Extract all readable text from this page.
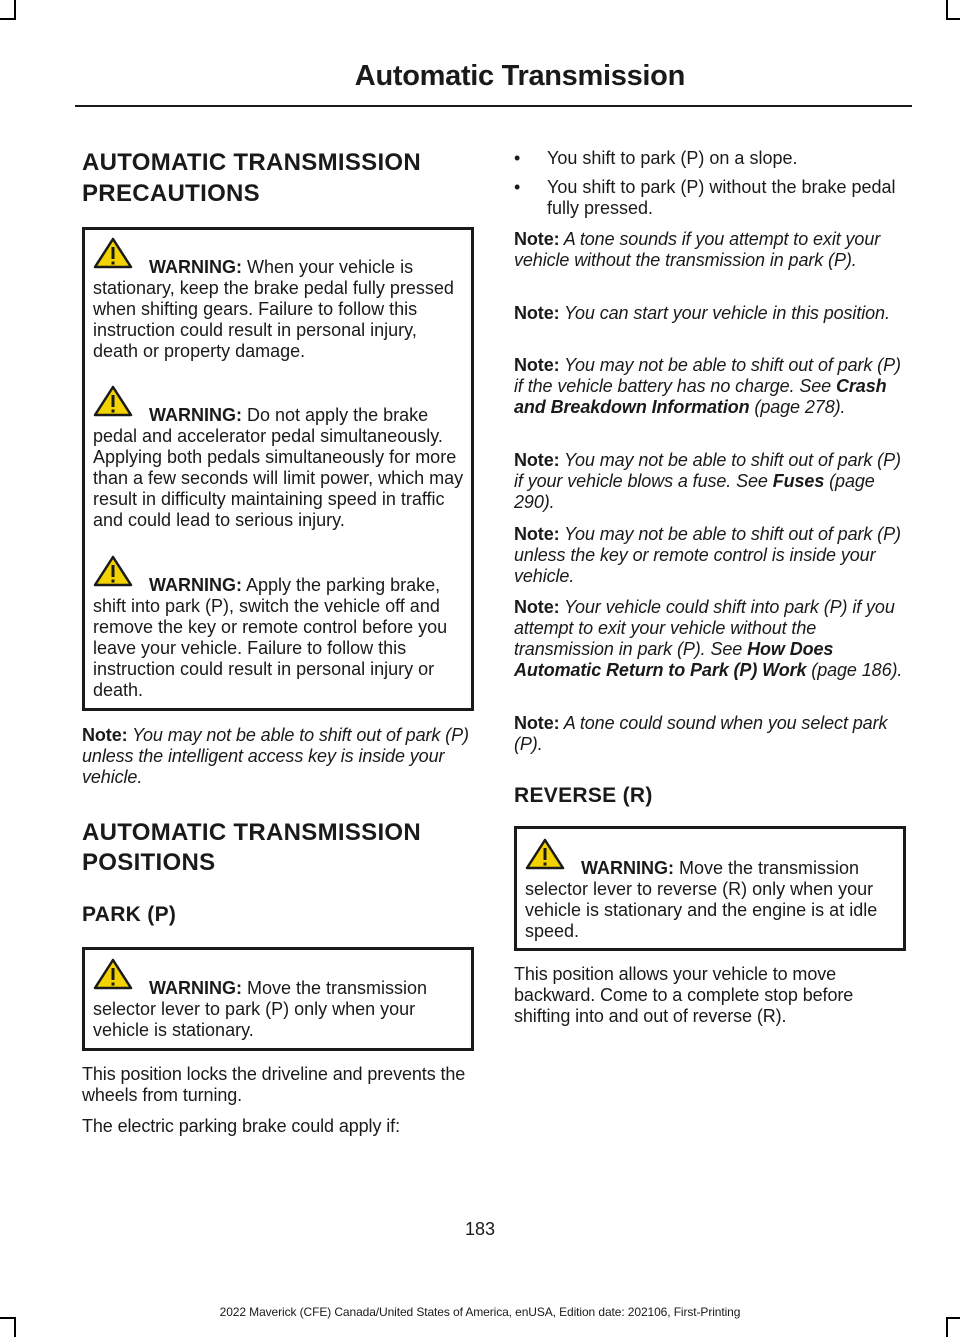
Automatic Transmission
AUTOMATIC TRANSMISSION
PRECAUTIONS
WARNING: When your vehicle is stationary, keep the brake pedal fully pressed when shifting gears. Failure to follow this instruction could result in personal injury, death or property damage.
WARNING: Do not apply the brake pedal and accelerator pedal simultaneously. Applying both pedals simultaneously for more than a few seconds will limit power, which may result in difficulty maintaining speed in traffic and could lead to serious injury.
WARNING: Apply the parking brake, shift into park (P), switch the vehicle off and remove the key or remote control before you leave your vehicle. Failure to follow this instruction could result in personal injury or death.

Note: You may not be able to shift out of park (P) unless the intelligent access key is inside your vehicle.

AUTOMATIC TRANSMISSION
POSITIONS
PARK (P)
WARNING: Move the transmission selector lever to park (P) only when your vehicle is stationary.

This position locks the driveline and prevents the wheels from turning.

The electric parking brake could apply if:

• You shift to park (P) on a slope.
• You shift to park (P) without the brake pedal fully pressed.

Note: A tone sounds if you attempt to exit your vehicle without the transmission in park (P).

Note: You can start your vehicle in this position.

Note: You may not be able to shift out of park (P) if the vehicle battery has no charge. See Crash and Breakdown Information (page 278).

Note: You may not be able to shift out of park (P) if your vehicle blows a fuse. See Fuses (page 290).

Note: You may not be able to shift out of park (P) unless the key or remote control is inside your vehicle.

Note: Your vehicle could shift into park (P) if you attempt to exit your vehicle without the transmission in park (P). See How Does Automatic Return to Park (P) Work (page 186).

Note: A tone could sound when you select park (P).

REVERSE (R)
WARNING: Move the transmission selector lever to reverse (R) only when your vehicle is stationary and the engine is at idle speed.

This position allows your vehicle to move backward. Come to a complete stop before shifting into and out of reverse (R).

183
2022 Maverick (CFE) Canada/United States of America, enUSA, Edition date: 202106, First-Printing
